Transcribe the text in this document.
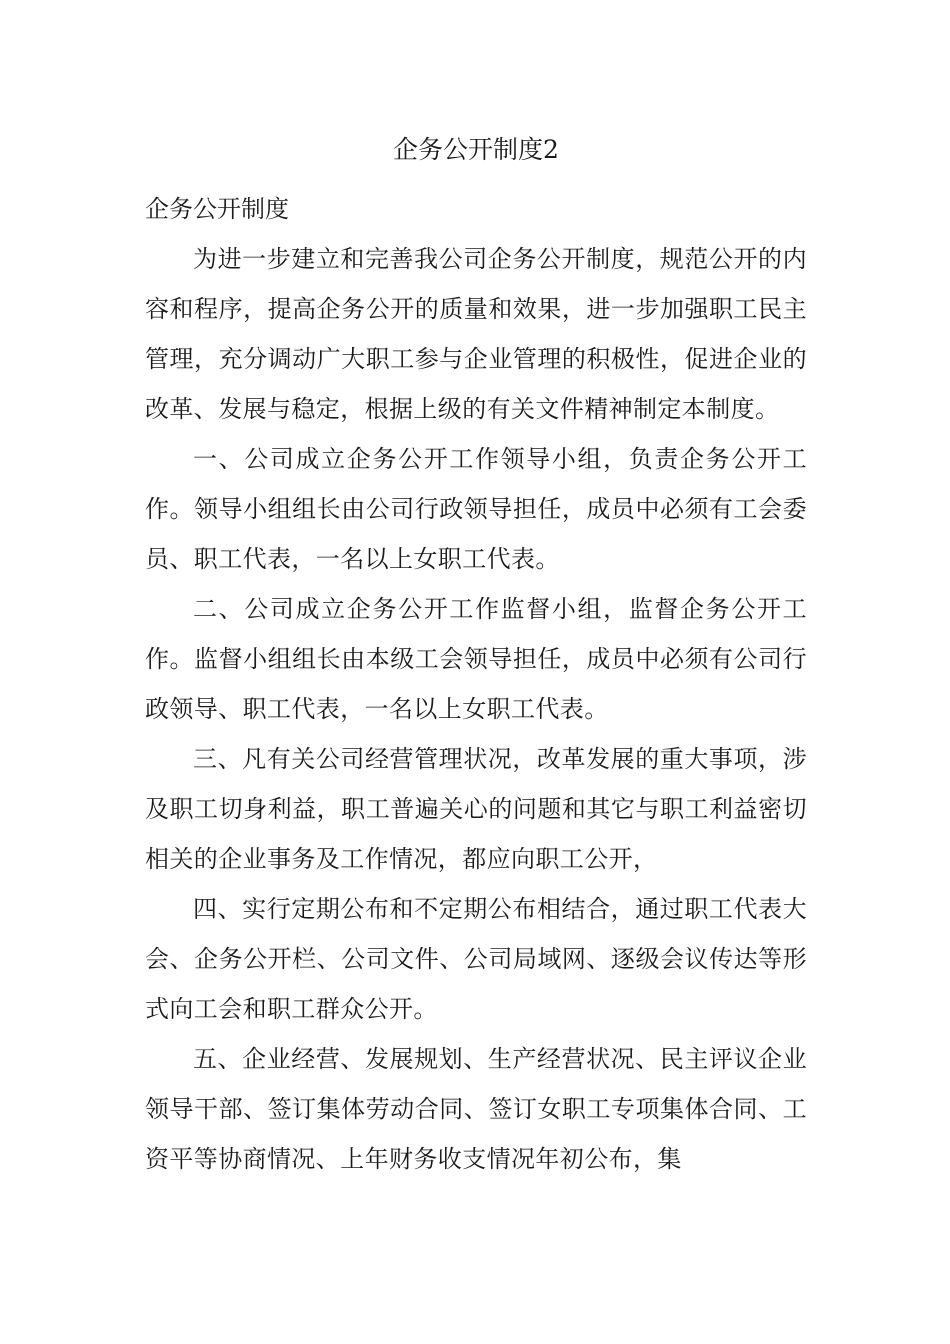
企务公开制度2
企务公开制度

为进一步建立和完善我公司企务公开制度，规范公开的内容和程序，提高企务公开的质量和效果，进一步加强职工民主管理，充分调动广大职工参与企业管理的积极性，促进企业的改革、发展与稳定，根据上级的有关文件精神制定本制度。

一、公司成立企务公开工作领导小组，负责企务公开工作。领导小组组长由公司行政领导担任，成员中必须有工会委员、职工代表，一名以上女职工代表。

二、公司成立企务公开工作监督小组，监督企务公开工作。监督小组组长由本级工会领导担任，成员中必须有公司行政领导、职工代表，一名以上女职工代表。

三、凡有关公司经营管理状况，改革发展的重大事项，涉及职工切身利益，职工普遍关心的问题和其它与职工利益密切相关的企业事务及工作情况，都应向职工公开，

四、实行定期公布和不定期公布相结合，通过职工代表大会、企务公开栏、公司文件、公司局域网、逐级会议传达等形式向工会和职工群众公开。

五、企业经营、发展规划、生产经营状况、民主评议企业领导干部、签订集体劳动合同、签订女职工专项集体合同、工资平等协商情况、上年财务收支情况年初公布，集
